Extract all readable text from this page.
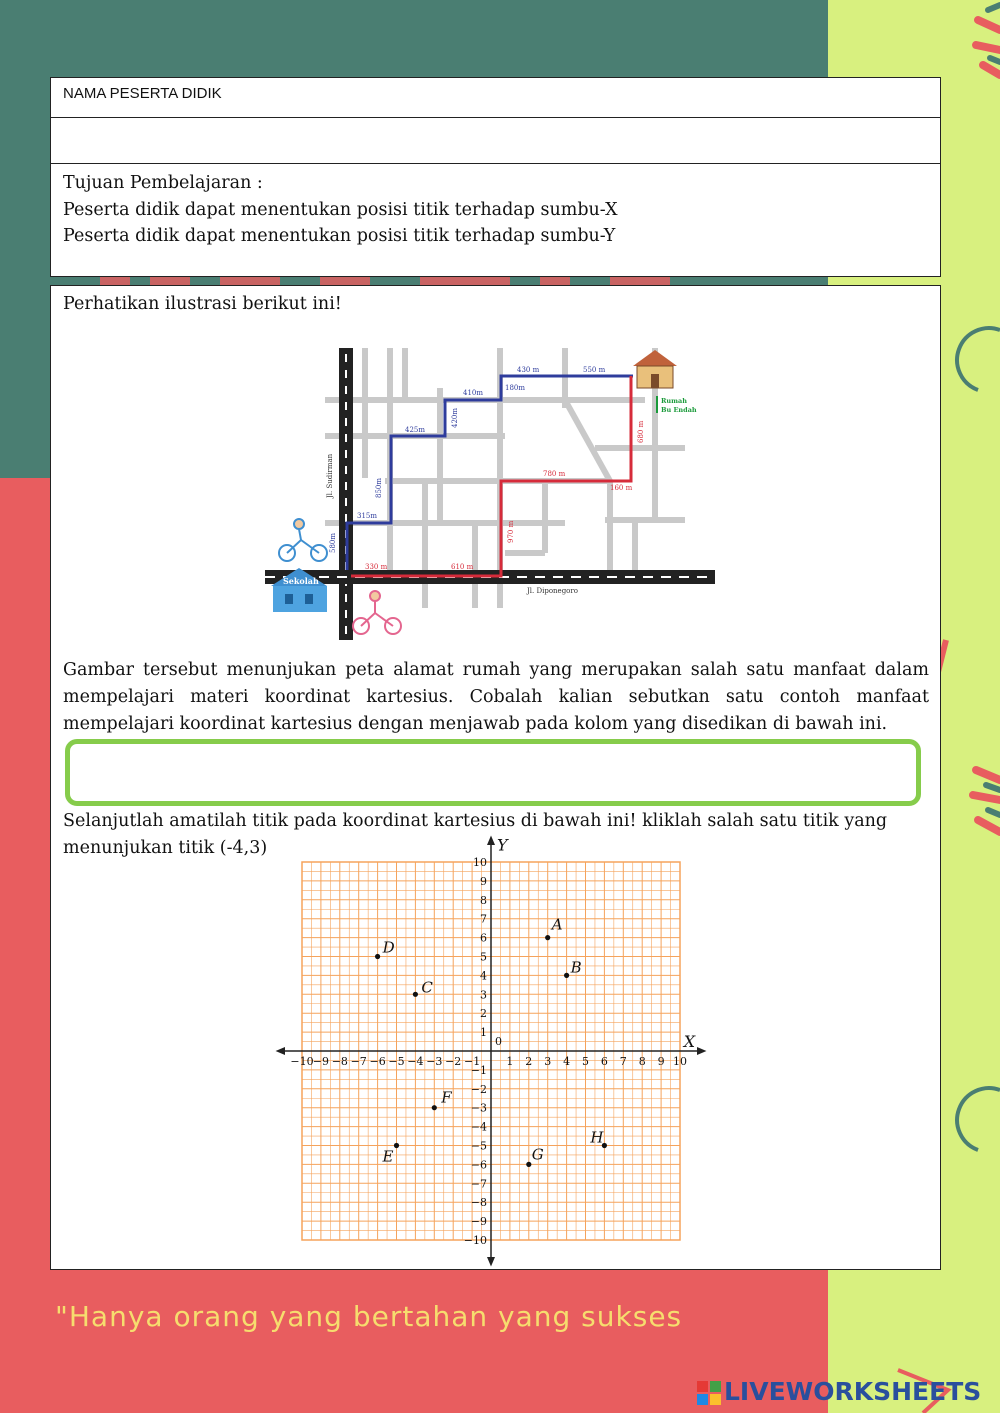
NAMA PESERTA DIDIK

Tujuan Pembelajaran :

Peserta didik dapat menentukan posisi titik terhadap sumbu-X

Peserta didik dapat menentukan posisi titik terhadap sumbu-Y

Perhatikan ilustrasi berikut ini!

580m
315m
850m
425m
420m
410m
180m
430 m	550 m
330 m	610 m
970 m
780 m
160 m
680 m
Jl. Sudirman
Jl. Diponegoro
Rumah
Bu Endah
Sekolah

Gambar tersebut menunjukan peta alamat rumah yang merupakan salah satu manfaat dalam mempelajari materi koordinat kartesius. Cobalah kalian sebutkan satu contoh manfaat mempelajari koordinat kartesius dengan menjawab pada kolom yang disedikan di bawah ini.

Selanjutlah amatilah titik pada koordinat kartesius di bawah ini! kliklah salah satu titik yang

menunjukan titik (-4,3)

−10 −9 −8 −7 −6 −5 −4 −3 −2 −1 1 2 3 4 5 6 7 8 9 10
−10
−9
−8
−7
−6
−5
−4
−3
−2
−1
1
2
3
4
5
6
7
8
9
10
A
B
C
D
E
F
G
H
X
Y
0
"Hanya orang yang bertahan yang sukses
LIVEWORKSHEETS
